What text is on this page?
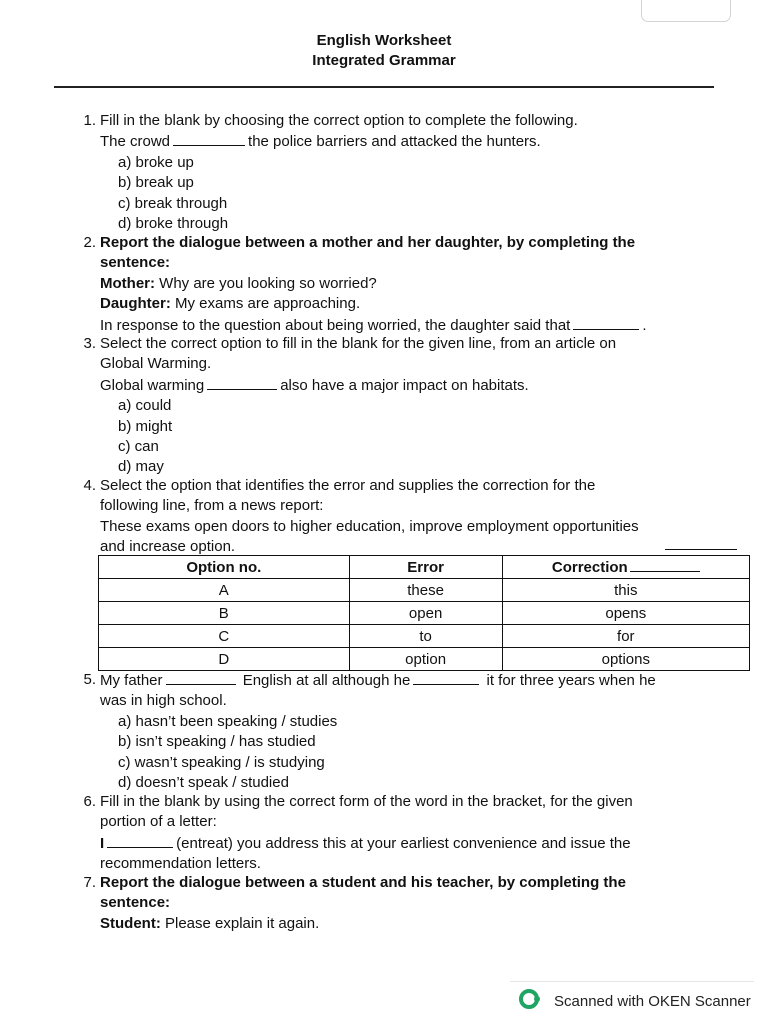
English Worksheet
Integrated Grammar
1. Fill in the blank by choosing the correct option to complete the following.
The crowd	the police barriers and attacked the hunters.
a) broke up
b) break up
c) break through
d) broke through
2. Report the dialogue between a mother and her daughter, by completing the
sentence:
Mother: Why are you looking so worried?
Daughter: My exams are approaching.
In response to the question about being worried, the daughter said that	.
3. Select the correct option to fill in the blank for the given line, from an article on
Global Warming.
Global warming	also have a major impact on habitats.
a) could
b) might
c) can
d) may
4. Select the option that identifies the error and supplies the correction for the
following line, from a news report:
These exams open doors to higher education, improve employment opportunities
and increase option.
Option no.	Error	Correction
A	these	this
B	open	opens
C	to	for
D	option	options
5. My father	English at all although he	it for three years when he
was in high school.
a) hasn’t been speaking / studies
b) isn’t speaking / has studied
c) wasn’t speaking / is studying
d) doesn’t speak / studied
6. Fill in the blank by using the correct form of the word in the bracket, for the given
portion of a letter:
I	(entreat) you address this at your earliest convenience and issue the
recommendation letters.
7. Report the dialogue between a student and his teacher, by completing the
sentence:
Student: Please explain it again.
Scanned with OKEN Scanner
